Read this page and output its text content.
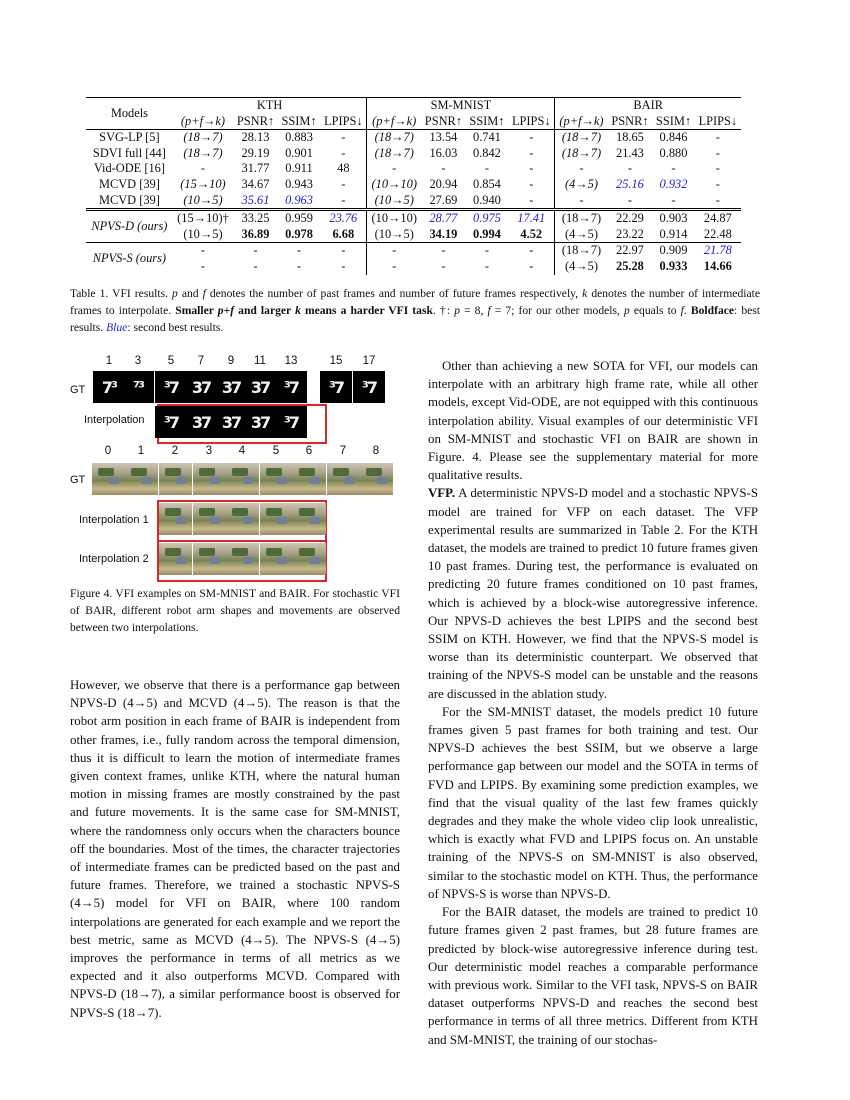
Models	KTH				SM-MNIST				BAIR			
	(p+f→k)	PSNR↑	SSIM↑	LPIPS↓	(p+f→k)	PSNR↑	SSIM↑	LPIPS↓	(p+f→k)	PSNR↑	SSIM↑	LPIPS↓
SVG-LP [5]	(18→7)	28.13	0.883	-	(18→7)	13.54	0.741	-	(18→7)	18.65	0.846	-
SDVI full [44]	(18→7)	29.19	0.901	-	(18→7)	16.03	0.842	-	(18→7)	21.43	0.880	-
Vid-ODE [16]	-	31.77	0.911	48	-	-	-	-	-	-	-	-
MCVD [39]	(15→10)	34.67	0.943	-	(10→10)	20.94	0.854	-	(4→5)	25.16	0.932	-
MCVD [39]	(10→5)	35.61	0.963	-	(10→5)	27.69	0.940	-	-	-	-	-
NPVS-D (ours)	(15→10)†	33.25	0.959	23.76	(10→10)	28.77	0.975	17.41	(18→7)	22.29	0.903	24.87
	(10→5)	36.89	0.978	6.68	(10→5)	34.19	0.994	4.52	(4→5)	23.22	0.914	22.48
NPVS-S (ours)	-	-	-	-	-	-	-	-	(18→7)	22.97	0.909	21.78
	-	-	-	-	-	-	-	-	(4→5)	25.28	0.933	14.66
Table 1. VFI results. p and f denotes the number of past frames and number of future frames respectively, k denotes the number of intermediate frames to interpolate. Smaller p+f and larger k means a harder VFI task. †: p = 8, f = 7; for our other models, p equals to f. Boldface: best results. Blue: second best results.
GT
Interpolation
GT
Interpolation 1
Interpolation 2
1
7³
3
⁷³
5
³7
7
37
9
37
11
37
13
³7
15
³7
17
³7
³7 37 37 37 ³7
0	1	2	3	4	5	6	7	8
Figure 4. VFI examples on SM-MNIST and BAIR. For stochastic VFI of BAIR, different robot arm shapes and movements are observed between two interpolations.

However, we observe that there is a performance gap between NPVS-D (4→5) and MCVD (4→5). The reason is that the robot arm position in each frame of BAIR is independent from other frames, i.e., fully random across the temporal dimension, thus it is difficult to learn the motion of intermediate frames given context frames, unlike KTH, where the natural human motion in missing frames are mostly constrained by the past and future movements. It is the same case for SM-MNIST, where the randomness only occurs when the characters bounce off the boundaries. Most of the times, the character trajectories of intermediate frames can be predicted based on the past and future frames. Therefore, we trained a stochastic NPVS-S (4→5) model for VFI on BAIR, where 100 random interpolations are generated for each example and we report the best metric, same as MCVD (4→5). The NPVS-S (4→5) improves the performance in terms of all metrics as we expected and it also outperforms MCVD. Compared with NPVS-D (18→7), a similar performance boost is observed for NPVS-S (18→7).

Other than achieving a new SOTA for VFI, our models can interpolate with an arbitrary high frame rate, while all other models, except Vid-ODE, are not equipped with this continuous interpolation ability. Visual examples of our deterministic VFI on SM-MNIST and stochastic VFI on BAIR are shown in Figure. 4. Please see the supplementary material for more qualitative results.

VFP. A deterministic NPVS-D model and a stochastic NPVS-S model are trained for VFP on each dataset. The VFP experimental results are summarized in Table 2. For the KTH dataset, the models are trained to predict 10 future frames given 10 past frames. During test, the performance is evaluated on predicting 20 future frames conditioned on 10 past frames, which is achieved by a block-wise autoregressive inference. Our NPVS-D achieves the best LPIPS and the second best SSIM on KTH. However, we find that the NPVS-S model is worse than its deterministic counterpart. We observed that training of the NPVS-S model can be unstable and the reasons are discussed in the ablation study.

For the SM-MNIST dataset, the models predict 10 future frames given 5 past frames for both training and test. Our NPVS-D achieves the best SSIM, but we observe a large performance gap between our model and the SOTA in terms of FVD and LPIPS. By examining some prediction examples, we find that the visual quality of the last few frames quickly degrades and they make the whole video clip look unrealistic, which is exactly what FVD and LPIPS focus on. An unstable training of the NPVS-S on SM-MNIST is also observed, similar to the stochastic model on KTH. Thus, the performance of NPVS-S is worse than NPVS-D.

For the BAIR dataset, the models are trained to predict 10 future frames given 2 past frames, but 28 future frames are predicted by block-wise autoregressive inference during test. Our deterministic model reaches a comparable performance with previous work. Similar to the VFI task, NPVS-S on BAIR dataset outperforms NPVS-D and reaches the second best performance in terms of all three metrics. Different from KTH and SM-MNIST, the training of our stochas-
